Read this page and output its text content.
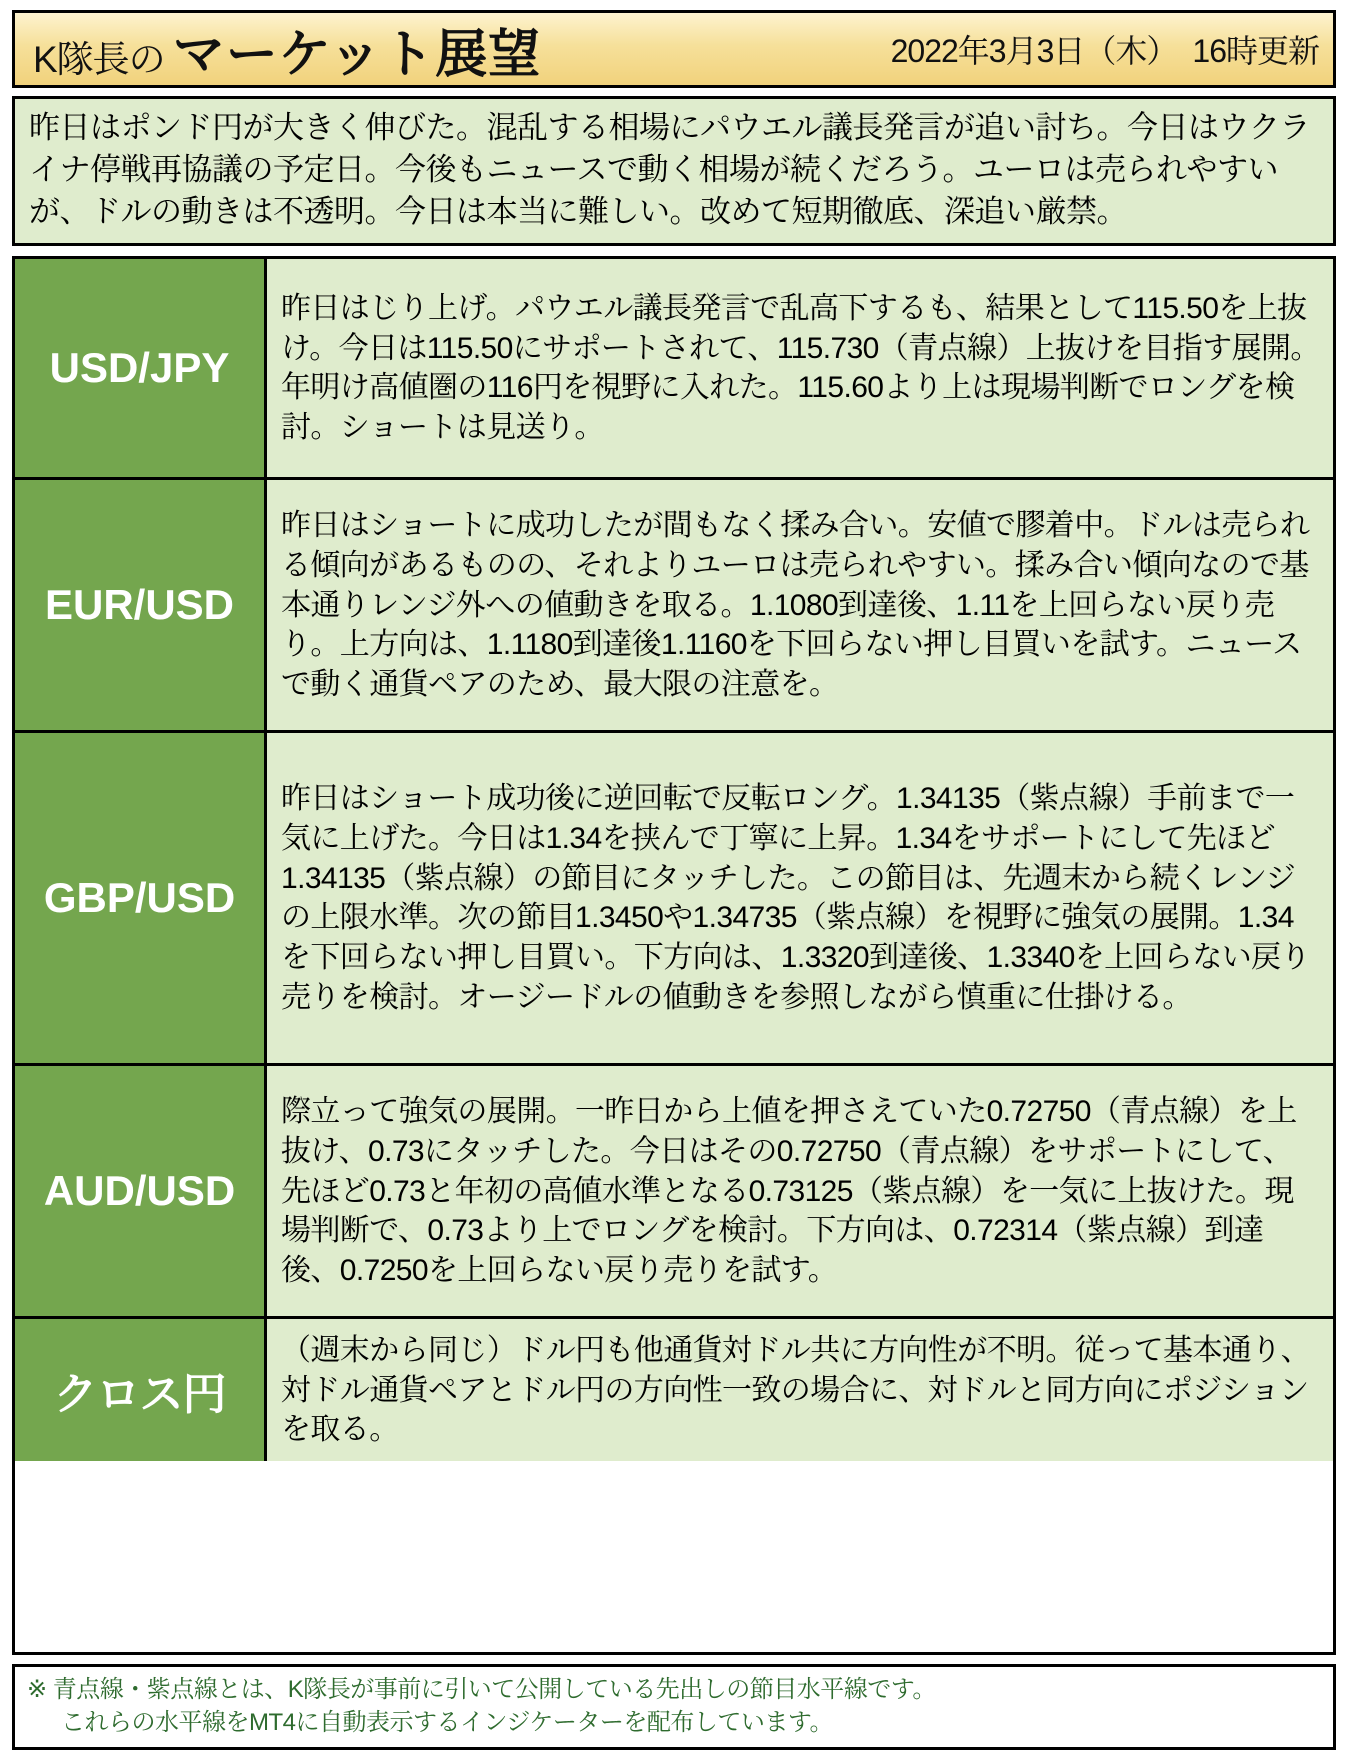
K隊長の マーケット展望	2022年3月3日（木）　16時更新
昨日はポンド円が大きく伸びた。混乱する相場にパウエル議長発言が追い討ち。今日はウクライナ停戦再協議の予定日。今後もニュースで動く相場が続くだろう。ユーロは売られやすいが、ドルの動きは不透明。今日は本当に難しい。改めて短期徹底、深追い厳禁。
USD/JPY
昨日はじり上げ。パウエル議長発言で乱高下するも、結果として115.50を上抜け。今日は115.50にサポートされて、115.730（青点線）上抜けを目指す展開。年明け高値圏の116円を視野に入れた。115.60より上は現場判断でロングを検討。ショートは見送り。
EUR/USD
昨日はショートに成功したが間もなく揉み合い。安値で膠着中。ドルは売られる傾向があるものの、それよりユーロは売られやすい。揉み合い傾向なので基本通りレンジ外への値動きを取る。1.1080到達後、1.11を上回らない戻り売り。上方向は、1.1180到達後1.1160を下回らない押し目買いを試す。ニュースで動く通貨ペアのため、最大限の注意を。
GBP/USD
昨日はショート成功後に逆回転で反転ロング。1.34135（紫点線）手前まで一気に上げた。今日は1.34を挟んで丁寧に上昇。1.34をサポートにして先ほど1.34135（紫点線）の節目にタッチした。この節目は、先週末から続くレンジの上限水準。次の節目1.3450や1.34735（紫点線）を視野に強気の展開。1.34を下回らない押し目買い。下方向は、1.3320到達後、1.3340を上回らない戻り売りを検討。オージードルの値動きを参照しながら慎重に仕掛ける。
AUD/USD
際立って強気の展開。一昨日から上値を押さえていた0.72750（青点線）を上抜け、0.73にタッチした。今日はその0.72750（青点線）をサポートにして、先ほど0.73と年初の高値水準となる0.73125（紫点線）を一気に上抜けた。現場判断で、0.73より上でロングを検討。下方向は、0.72314（紫点線）到達後、0.7250を上回らない戻り売りを試す。
クロス円
（週末から同じ）ドル円も他通貨対ドル共に方向性が不明。従って基本通り、対ドル通貨ペアとドル円の方向性一致の場合に、対ドルと同方向にポジションを取る。
※ 青点線・紫点線とは、K隊長が事前に引いて公開している先出しの節目水平線です。
これらの水平線をMT4に自動表示するインジケーターを配布しています。
